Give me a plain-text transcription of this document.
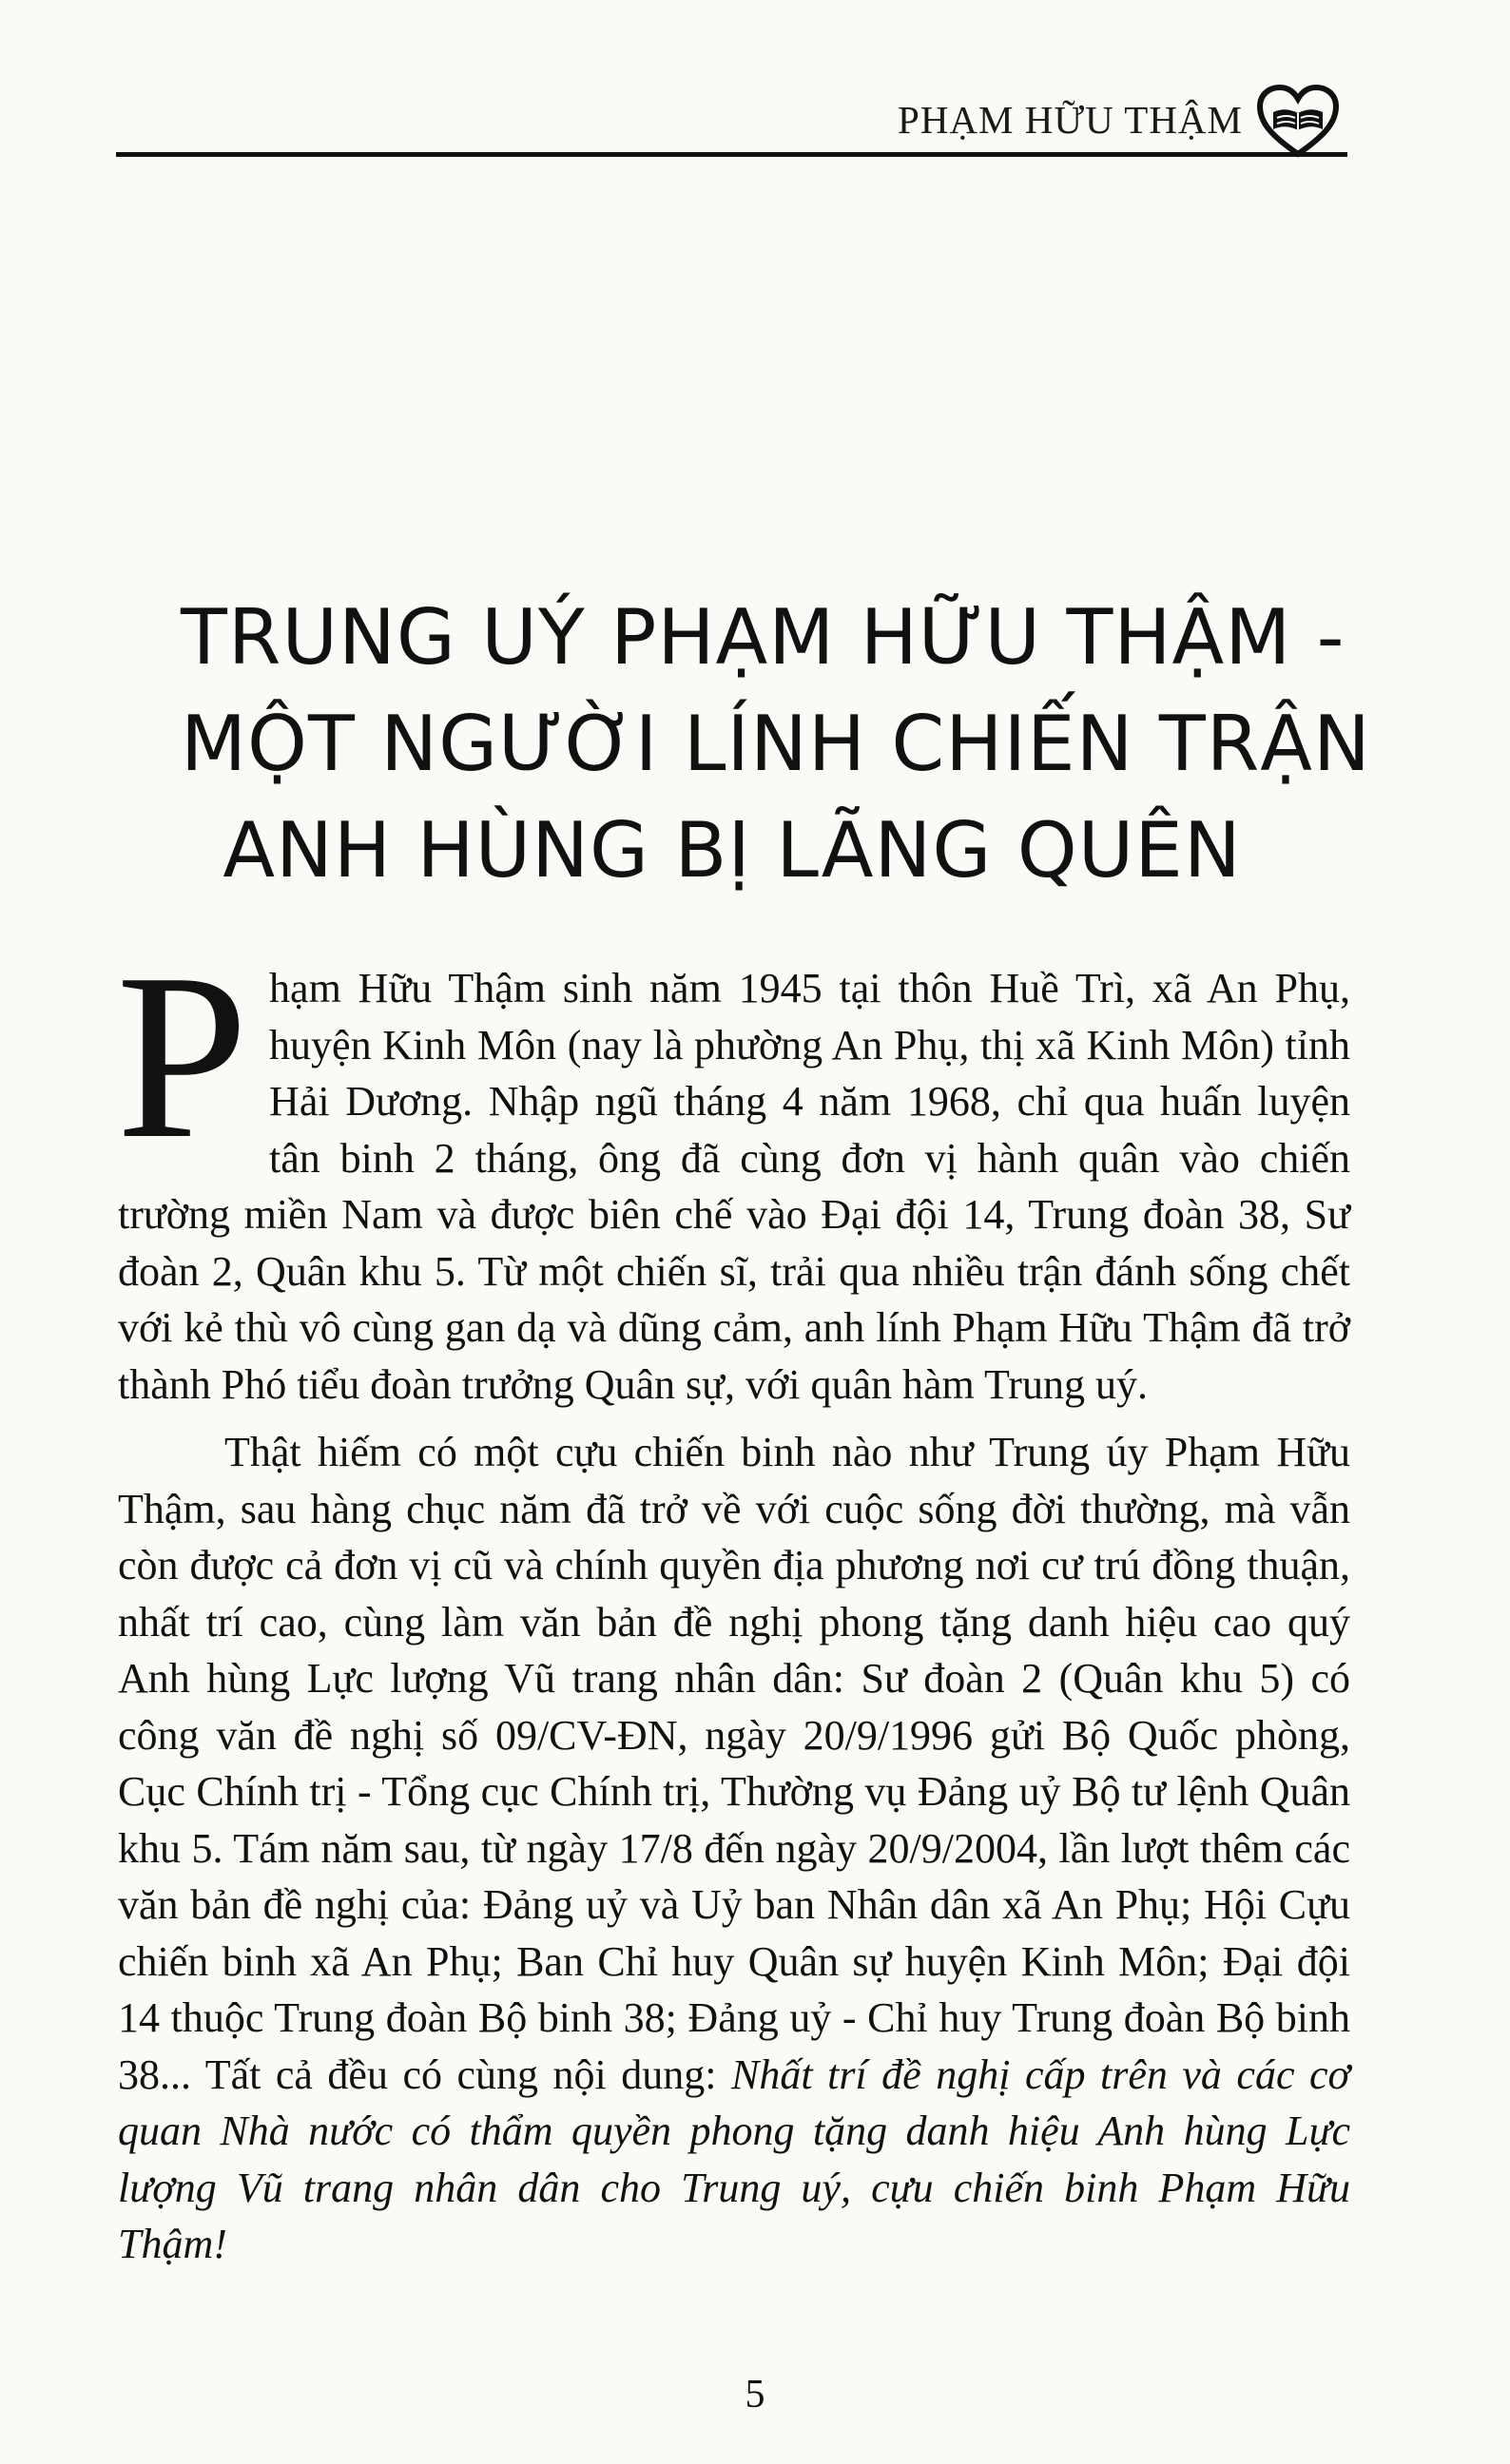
PHẠM HỮU THẬM
TRUNG UÝ PHẠM HỮU THẬM -
MỘT NGƯỜI LÍNH CHIẾN TRẬN
ANH HÙNG BỊ LÃNG QUÊN

Phạm Hữu Thậm sinh năm 1945 tại thôn Huề Trì, xã An Phụ, huyện Kinh Môn (nay là phường An Phụ, thị xã Kinh Môn) tỉnh Hải Dương. Nhập ngũ tháng 4 năm 1968, chỉ qua huấn luyện tân binh 2 tháng, ông đã cùng đơn vị hành quân vào chiến trường miền Nam và được biên chế vào Đại đội 14, Trung đoàn 38, Sư đoàn 2, Quân khu 5. Từ một chiến sĩ, trải qua nhiều trận đánh sống chết với kẻ thù vô cùng gan dạ và dũng cảm, anh lính Phạm Hữu Thậm đã trở thành Phó tiểu đoàn trưởng Quân sự, với quân hàm Trung uý.

Thật hiếm có một cựu chiến binh nào như Trung úy Phạm Hữu Thậm, sau hàng chục năm đã trở về với cuộc sống đời thường, mà vẫn còn được cả đơn vị cũ và chính quyền địa phương nơi cư trú đồng thuận, nhất trí cao, cùng làm văn bản đề nghị phong tặng danh hiệu cao quý Anh hùng Lực lượng Vũ trang nhân dân: Sư đoàn 2 (Quân khu 5) có công văn đề nghị số 09/CV-ĐN, ngày 20/9/1996 gửi Bộ Quốc phòng, Cục Chính trị - Tổng cục Chính trị, Thường vụ Đảng uỷ Bộ tư lệnh Quân khu 5. Tám năm sau, từ ngày 17/8 đến ngày 20/9/2004, lần lượt thêm các văn bản đề nghị của: Đảng uỷ và Uỷ ban Nhân dân xã An Phụ; Hội Cựu chiến binh xã An Phụ; Ban Chỉ huy Quân sự huyện Kinh Môn; Đại đội 14 thuộc Trung đoàn Bộ binh 38; Đảng uỷ - Chỉ huy Trung đoàn Bộ binh 38... Tất cả đều có cùng nội dung: Nhất trí đề nghị cấp trên và các cơ quan Nhà nước có thẩm quyền phong tặng danh hiệu Anh hùng Lực lượng Vũ trang nhân dân cho Trung uý, cựu chiến binh Phạm Hữu Thậm!

5
